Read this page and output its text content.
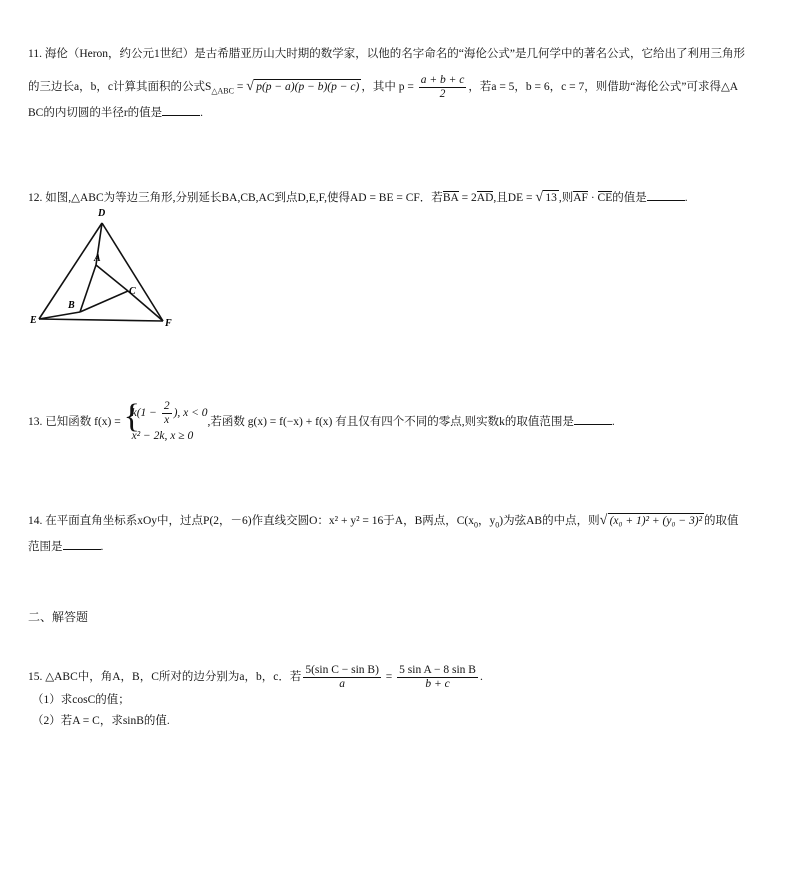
11. 海伦（Heron，约公元1世纪）是古希腊亚历山大时期的数学家，以他的名字命名的“海伦公式”是几何学中的著名公式，它给出了利用三角形
的三边长a，b，c计算其面积的公式$S_{\triangle ABC}$ = √ p(p − a)(p − b)(p − c) ，其中 $p = \frac{a + b + c}{2}$ ，若a = 5，b = 6，c = 7，则借助“海伦公式”可求得△A
BC的内切圆的半径r的值是	.
12. 如图,△ABC为等边三角形,分别延长BA,CB,AC到点D,E,F,使得AD = BE = CF．若BA = 2AD,且DE = √ 13 ,则AF · CE的值是	.
D
A
C
B
E	F
13. 已知函数 f(x) = {
$k(1 - \frac{2}{x}$ ), x < 0
x² − 2k, x ≥ 0
,若函数 g(x) = f(−x) + f(x) 有且仅有四个不同的零点,则实数k的取值范围是	.
14. 在平面直角坐标系xOy中，过点P(2，－6)作直线交圆O：x² + y² = 16于A，B两点，$C(x_0$，$y_0$)为弦AB的中点，则 √ (x₀ + 1)² + (y₀ − 3)² 的取值
范围是	.
二、解答题
15. △ABC中，角A，B，C所对的边分别为a，b，c．若 $\frac{\text{5(sin C − sin B)}}{a} = \frac{\text{5 sin A − 8 sin B}}{b + c}$ .
（1）求cosC的值；
（2）若A = C，求sinB的值.
